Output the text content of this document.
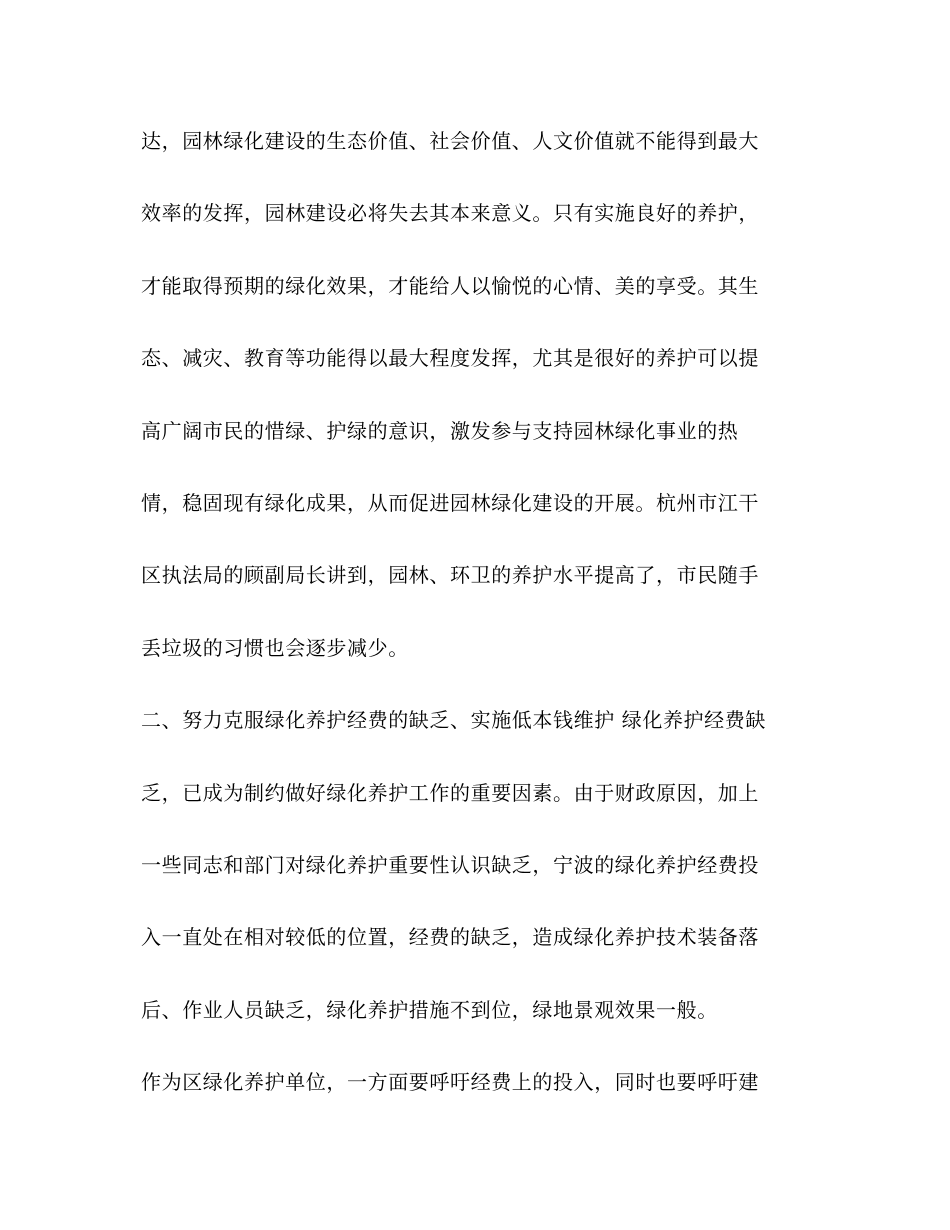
达，园林绿化建设的生态价值、社会价值、人文价值就不能得到最大
效率的发挥，园林建设必将失去其本来意义。只有实施良好的养护，
才能取得预期的绿化效果，才能给人以愉悦的心情、美的享受。其生
态、减灾、教育等功能得以最大程度发挥，尤其是很好的养护可以提
高广阔市民的惜绿、护绿的意识，激发参与支持园林绿化事业的热
情，稳固现有绿化成果，从而促进园林绿化建设的开展。杭州市江干
区执法局的顾副局长讲到，园林、环卫的养护水平提高了，市民随手
丢垃圾的习惯也会逐步减少。
二、努力克服绿化养护经费的缺乏、实施低本钱维护 绿化养护经费缺
乏，已成为制约做好绿化养护工作的重要因素。由于财政原因，加上
一些同志和部门对绿化养护重要性认识缺乏，宁波的绿化养护经费投
入一直处在相对较低的位置，经费的缺乏，造成绿化养护技术装备落
后、作业人员缺乏，绿化养护措施不到位，绿地景观效果一般。
作为区绿化养护单位，一方面要呼吁经费上的投入，同时也要呼吁建
